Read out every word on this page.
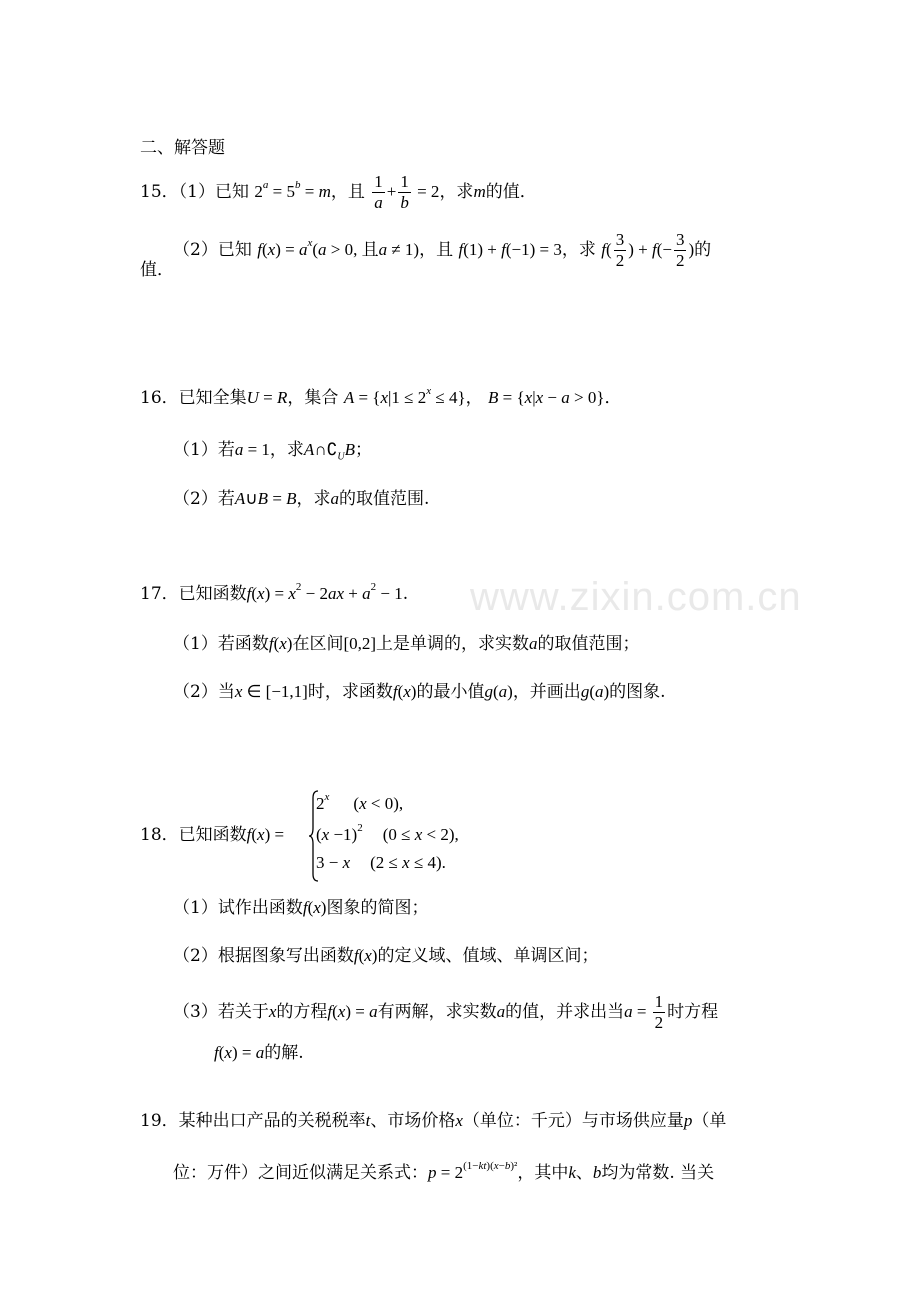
www.zixin.com.cn
二、解答题
15．（1）已知 $2^a = 5^b = m$，且 $\frac{1}{a} + \frac{1}{b} = 2$，求m的值．
（2）已知 $f(x) = a^x(a > 0$, 且a ≠ 1)，且 f(1) + f(−1) = 3，求 $f( \frac{3}{2}$ ) + $f(- \frac{3}{2}$ )的
值．
16．已知全集U = R，集合 $A = \{x|1 \le 2^x \le 4\}$， B = {x|x − a > 0}．
（1）若a = 1，求$A\cap∁_UB$；
（2）若A∪B = B，求a的取值范围.
17．已知函数$f(x) = x^2 - 2ax + a^2 - 1$.
（1）若函数f(x)在区间[0,2]上是单调的，求实数a的取值范围；
（2）当x ∈ [−1,1]时，求函数f(x)的最小值g(a)，并画出g(a)的图象.
18．已知函数f(x) =
$2^x$ (x < 0),
$(x -1)^2$ (0 ≤ x < 2),
3 − x (2 ≤ x ≤ 4).
（1）试作出函数f(x)图象的简图；
（2）根据图象写出函数f(x)的定义域、值域、单调区间；
（3）若关于x的方程f(x) = a有两解，求实数a的值，并求出当$a = \frac{1}{2}$ 时方程
f(x) = a的解.
19．某种出口产品的关税税率t、市场价格x（单位：千元）与市场供应量p（单
位：万件）之间近似满足关系式：$p = 2^{(1-kt)(x-b)^2}$，其中k、b均为常数. 当关
